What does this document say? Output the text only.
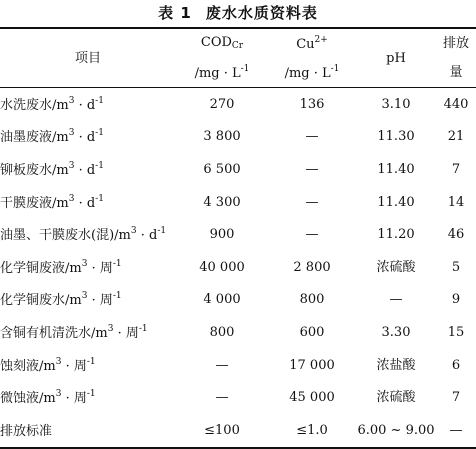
表 1 废水水质资料表
项目	$COD_{Cr}$	$Cu^{2+}$	pH	排放
	$/mg \cdot L^{-1}$	$/mg \cdot L^{-1}$		量
水洗废水$/m^3 \cdot d^{-1}$	270	136	3.10	440
油墨废液$/m^3 \cdot d^{-1}$	3 800	—	11.30	21
铆板废水$/m^3 \cdot d^{-1}$	6 500	—	11.40	7
干膜废液$/m^3 \cdot d^{-1}$	4 300	—	11.40	14
油墨、干膜废水(混)$/m^3 \cdot d^{-1}$	900	—	11.20	46
化学铜废液$/m^3$ · 周$^{-1}$	40 000	2 800	浓硫酸	5
化学铜废水$/m^3$ · 周$^{-1}$	4 000	800	—	9
含铜有机清洗水$/m^3$ · 周$^{-1}$	800	600	3.30	15
蚀刻液$/m^3$ · 周$^{-1}$	—	17 000	浓盐酸	6
微蚀液$/m^3$ · 周$^{-1}$	—	45 000	浓硫酸	7
排放标准	≤100	≤1.0	6.00 ~ 9.00	—
